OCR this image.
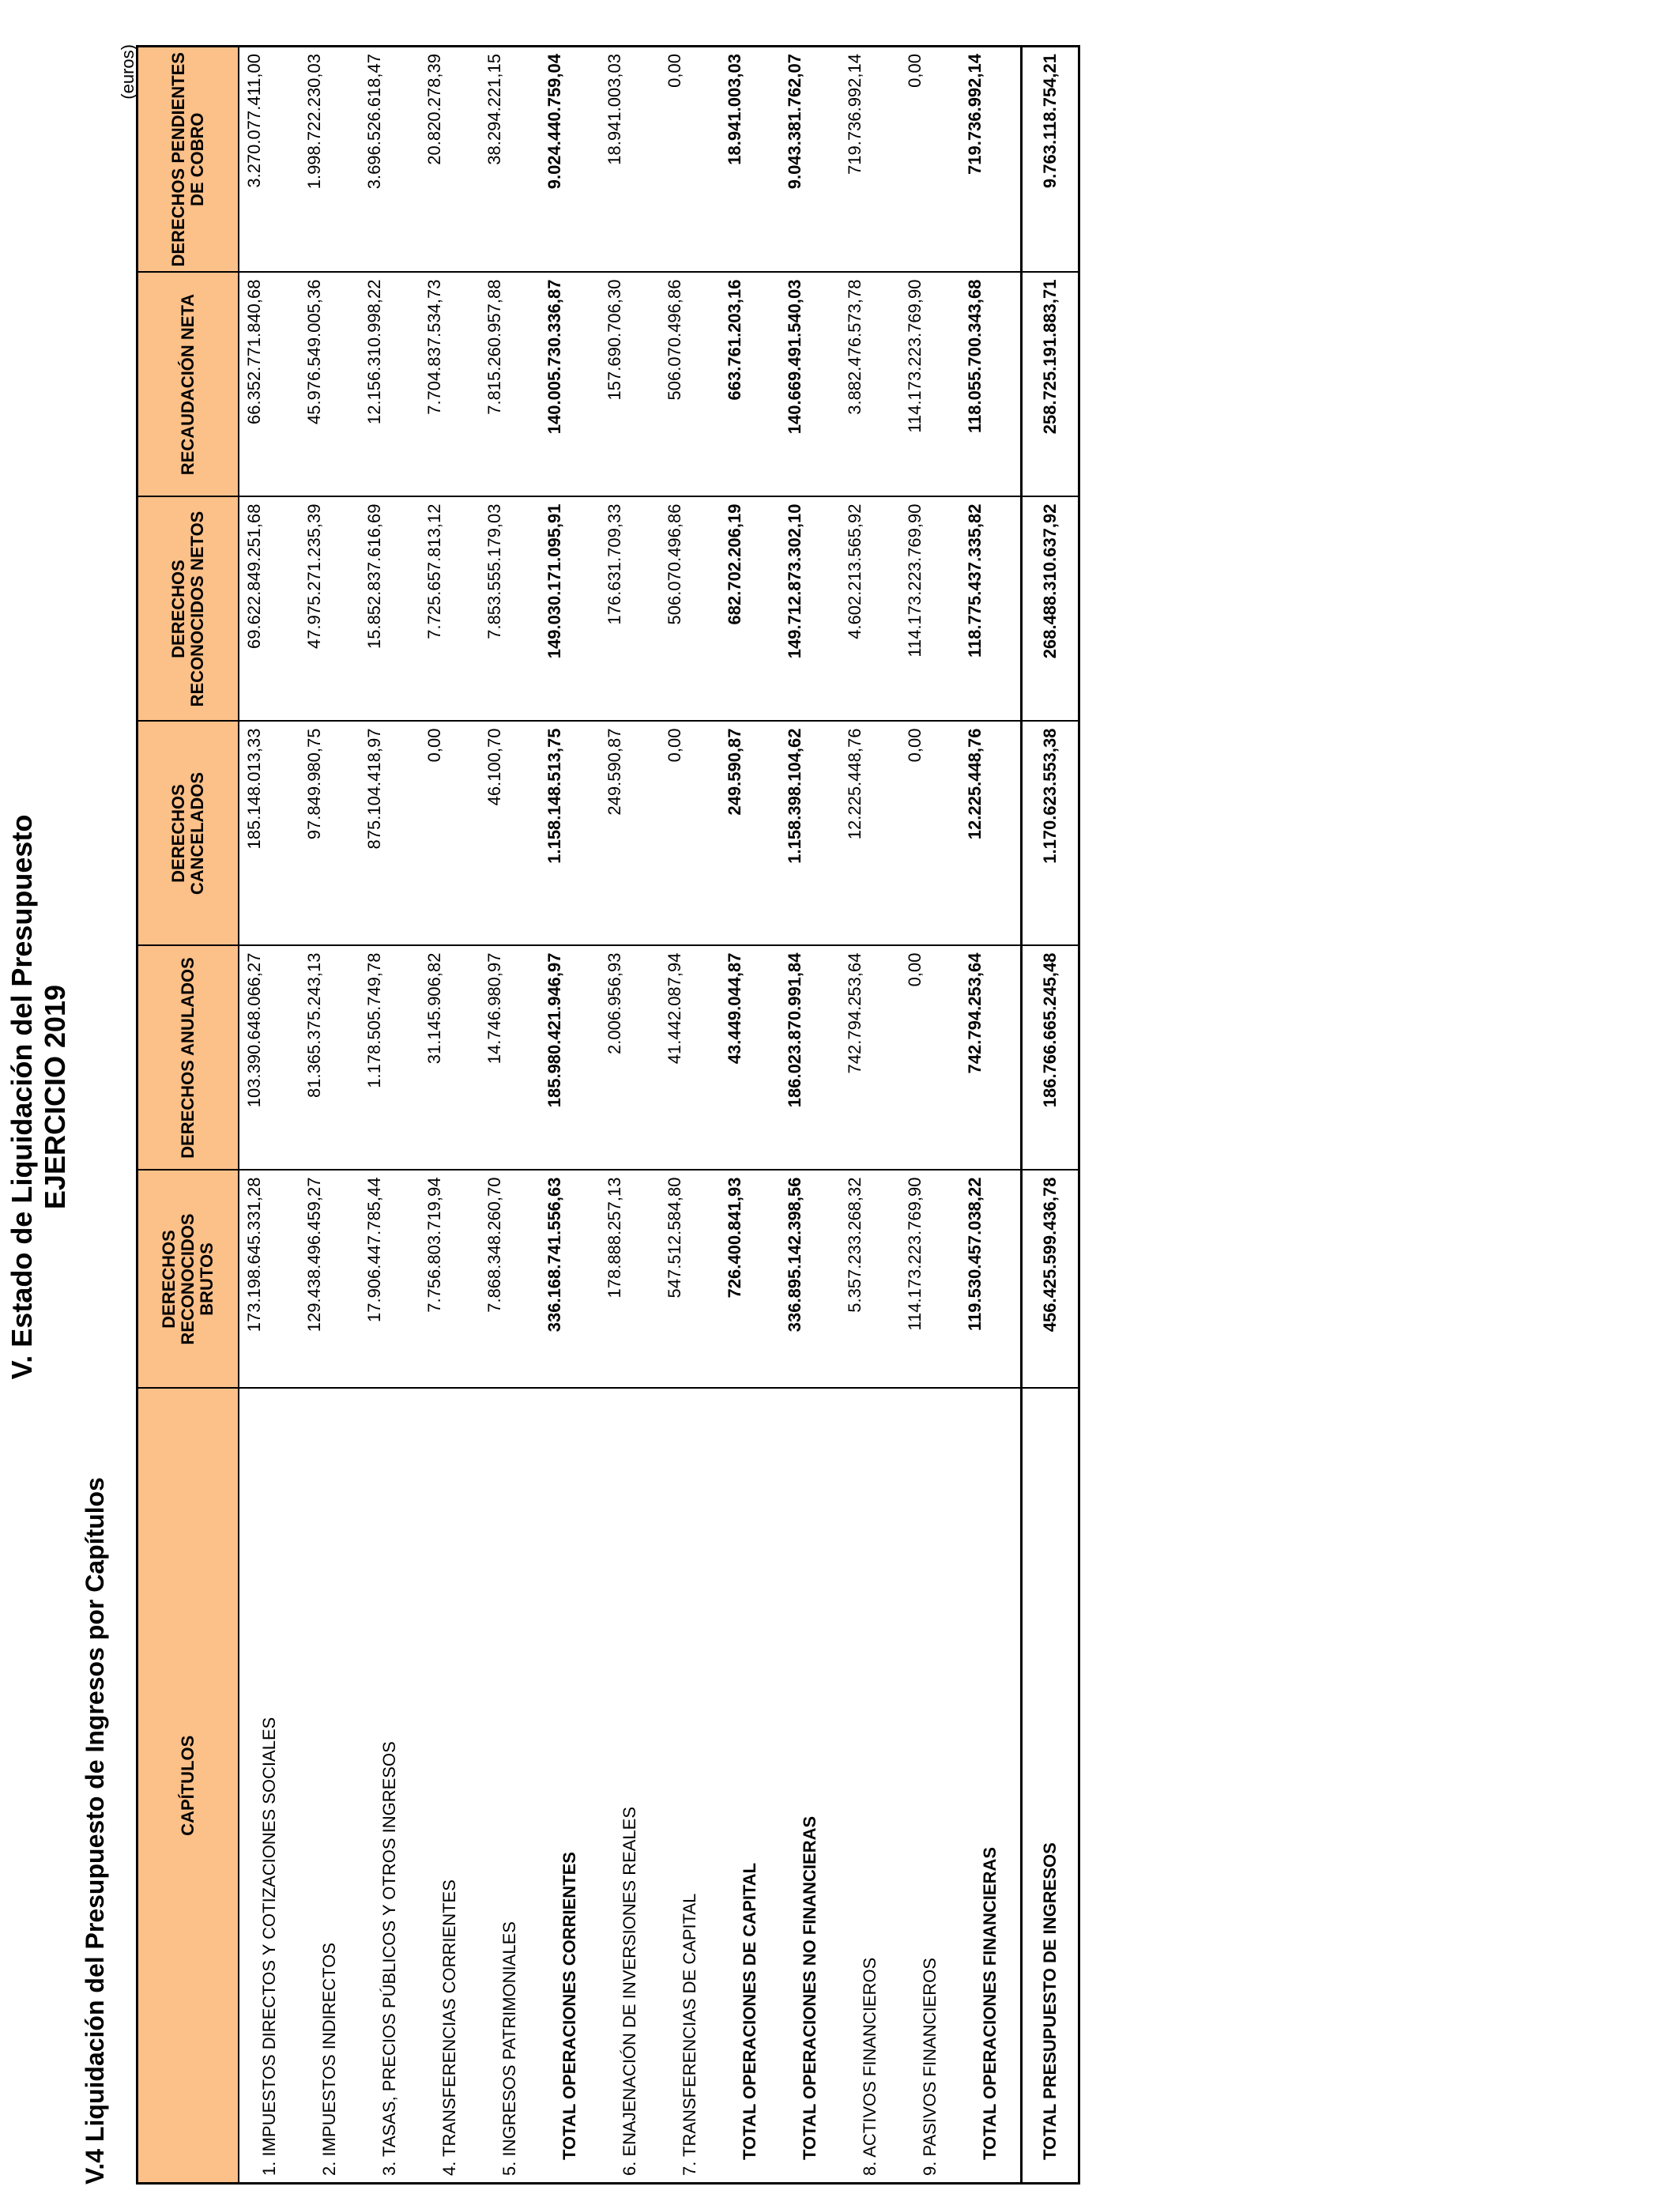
V. Estado de Liquidación del Presupuesto EJERCICIO 2019
V.4 Liquidación del Presupuesto de Ingresos por Capítulos
(euros)
CAPÍTULOS	DERECHOS RECONOCIDOS BRUTOS	DERECHOS ANULADOS	DERECHOS CANCELADOS	DERECHOS RECONOCIDOS NETOS	RECAUDACIÓN NETA	DERECHOS PENDIENTES DE COBRO
1. IMPUESTOS DIRECTOS Y COTIZACIONES SOCIALES	173.198.645.331,28	103.390.648.066,27	185.148.013,33	69.622.849.251,68	66.352.771.840,68	3.270.077.411,00
2. IMPUESTOS INDIRECTOS	129.438.496.459,27	81.365.375.243,13	97.849.980,75	47.975.271.235,39	45.976.549.005,36	1.998.722.230,03
3. TASAS, PRECIOS PÚBLICOS Y OTROS INGRESOS	17.906.447.785,44	1.178.505.749,78	875.104.418,97	15.852.837.616,69	12.156.310.998,22	3.696.526.618,47
4. TRANSFERENCIAS CORRIENTES	7.756.803.719,94	31.145.906,82	0,00	7.725.657.813,12	7.704.837.534,73	20.820.278,39
5. INGRESOS PATRIMONIALES	7.868.348.260,70	14.746.980,97	46.100,70	7.853.555.179,03	7.815.260.957,88	38.294.221,15
TOTAL OPERACIONES CORRIENTES	336.168.741.556,63	185.980.421.946,97	1.158.148.513,75	149.030.171.095,91	140.005.730.336,87	9.024.440.759,04
6. ENAJENACIÓN DE INVERSIONES REALES	178.888.257,13	2.006.956,93	249.590,87	176.631.709,33	157.690.706,30	18.941.003,03
7. TRANSFERENCIAS DE CAPITAL	547.512.584,80	41.442.087,94	0,00	506.070.496,86	506.070.496,86	0,00
TOTAL OPERACIONES DE CAPITAL	726.400.841,93	43.449.044,87	249.590,87	682.702.206,19	663.761.203,16	18.941.003,03
TOTAL OPERACIONES NO FINANCIERAS	336.895.142.398,56	186.023.870.991,84	1.158.398.104,62	149.712.873.302,10	140.669.491.540,03	9.043.381.762,07
8. ACTIVOS FINANCIEROS	5.357.233.268,32	742.794.253,64	12.225.448,76	4.602.213.565,92	3.882.476.573,78	719.736.992,14
9. PASIVOS FINANCIEROS	114.173.223.769,90	0,00	0,00	114.173.223.769,90	114.173.223.769,90	0,00
TOTAL OPERACIONES FINANCIERAS	119.530.457.038,22	742.794.253,64	12.225.448,76	118.775.437.335,82	118.055.700.343,68	719.736.992,14
TOTAL PRESUPUESTO DE INGRESOS	456.425.599.436,78	186.766.665.245,48	1.170.623.553,38	268.488.310.637,92	258.725.191.883,71	9.763.118.754,21
